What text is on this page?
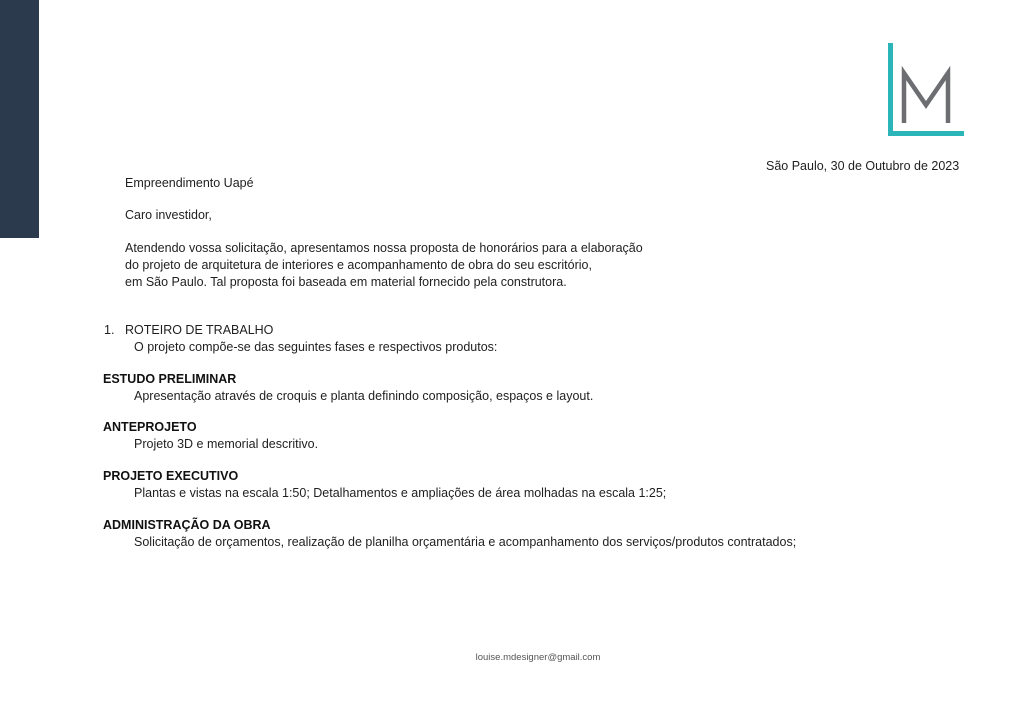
São Paulo, 30 de Outubro de 2023
Empreendimento Uapé
Caro investidor,
Atendendo vossa solicitação, apresentamos nossa proposta de honorários para a elaboração
do projeto de arquitetura de interiores e acompanhamento de obra do seu escritório,
em São Paulo. Tal proposta foi baseada em material fornecido pela construtora.
1. ROTEIRO DE TRABALHO
O projeto compõe-se das seguintes fases e respectivos produtos:
ESTUDO PRELIMINAR
Apresentação através de croquis e planta definindo composição, espaços e layout.
ANTEPROJETO
Projeto 3D e memorial descritivo.
PROJETO EXECUTIVO
Plantas e vistas na escala 1:50; Detalhamentos e ampliações de área molhadas na escala 1:25;
ADMINISTRAÇÃO DA OBRA
Solicitação de orçamentos, realização de planilha orçamentária e acompanhamento dos serviços/produtos contratados;
louise.mdesigner@gmail.com
